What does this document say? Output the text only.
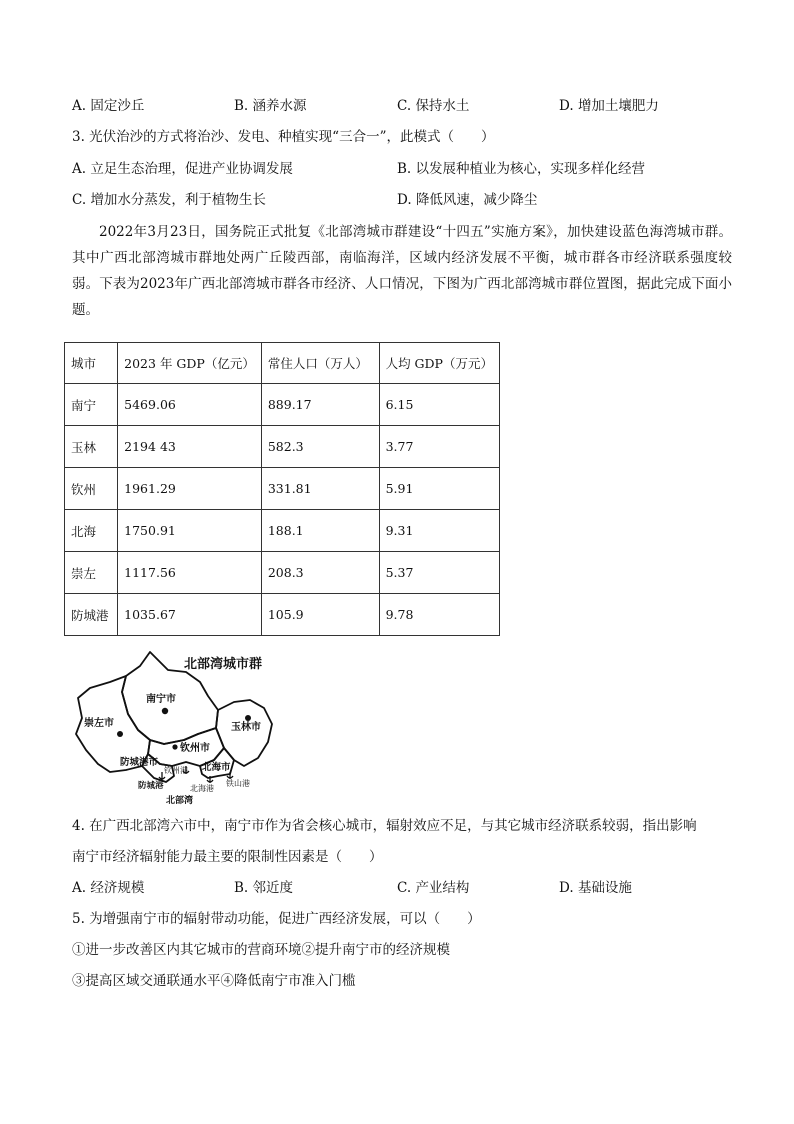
A. 固定沙丘	B. 涵养水源	C. 保持水土	D. 增加土壤肥力
3. 光伏治沙的方式将治沙、发电、种植实现“三合一”，此模式（　　）
A. 立足生态治理，促进产业协调发展	B. 以发展种植业为核心，实现多样化经营
C. 增加水分蒸发，利于植物生长	D. 降低风速，减少降尘
2022年3月23日，国务院正式批复《北部湾城市群建设“十四五”实施方案》，加快建设蓝色海湾城市群。其中广西北部湾城市群地处两广丘陵西部，南临海洋，区域内经济发展不平衡，城市群各市经济联系强度较弱。下表为2023年广西北部湾城市群各市经济、人口情况，下图为广西北部湾城市群位置图，据此完成下面小题。
城市	2023 年 GDP（亿元）	常住人口（万人）	人均 GDP（万元）
南宁	5469.06	889.17	6.15
玉林	2194 43	582.3	3.77
钦州	1961.29	331.81	5.91
北海	1750.91	188.1	9.31
崇左	1117.56	208.3	5.37
防城港	1035.67	105.9	9.78
北部湾城市群
南宁市
崇左市	玉林市
钦州市
防城港市	北海市
钦州港
防城港	北海港
铁山港
北部湾
4. 在广西北部湾六市中，南宁市作为省会核心城市，辐射效应不足，与其它城市经济联系较弱，指出影响
南宁市经济辐射能力最主要的限制性因素是（　　）
A. 经济规模	B. 邻近度	C. 产业结构	D. 基础设施
5. 为增强南宁市的辐射带动功能，促进广西经济发展，可以（　　）
①进一步改善区内其它城市的营商环境②提升南宁市的经济规模
③提高区域交通联通水平④降低南宁市准入门槛
